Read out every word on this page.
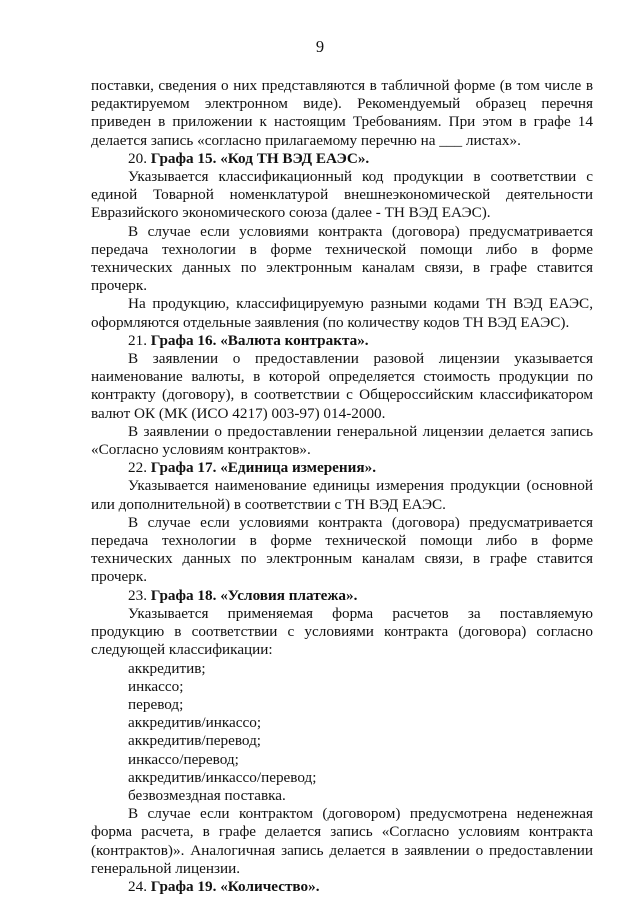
9

поставки, сведения о них представляются в табличной форме (в том числе в редактируемом электронном виде). Рекомендуемый образец перечня приведен в приложении к настоящим Требованиям. При этом в графе 14 делается запись «согласно прилагаемому перечню на ___ листах».

20. Графа 15. «Код ТН ВЭД ЕАЭС».

Указывается классификационный код продукции в соответствии с единой Товарной номенклатурой внешнеэкономической деятельности Евразийского экономического союза (далее - ТН ВЭД ЕАЭС).

В случае если условиями контракта (договора) предусматривается передача технологии в форме технической помощи либо в форме технических данных по электронным каналам связи, в графе ставится прочерк.

На продукцию, классифицируемую разными кодами ТН ВЭД ЕАЭС, оформляются отдельные заявления (по количеству кодов ТН ВЭД ЕАЭС).

21. Графа 16. «Валюта контракта».

В заявлении о предоставлении разовой лицензии указывается наименование валюты, в которой определяется стоимость продукции по контракту (договору), в соответствии с Общероссийским классификатором валют ОК (МК (ИСО 4217) 003-97) 014-2000.

В заявлении о предоставлении генеральной лицензии делается запись «Согласно условиям контрактов».

22. Графа 17. «Единица измерения».

Указывается наименование единицы измерения продукции (основной или дополнительной) в соответствии с ТН ВЭД ЕАЭС.

В случае если условиями контракта (договора) предусматривается передача технологии в форме технической помощи либо в форме технических данных по электронным каналам связи, в графе ставится прочерк.

23. Графа 18. «Условия платежа».

Указывается применяемая форма расчетов за поставляемую продукцию в соответствии с условиями контракта (договора) согласно следующей классификации:

аккредитив;

инкассо;

перевод;

аккредитив/инкассо;

аккредитив/перевод;

инкассо/перевод;

аккредитив/инкассо/перевод;

безвозмездная поставка.

В случае если контрактом (договором) предусмотрена неденежная форма расчета, в графе делается запись «Согласно условиям контракта (контрактов)». Аналогичная запись делается в заявлении о предоставлении генеральной лицензии.

24. Графа 19. «Количество».
